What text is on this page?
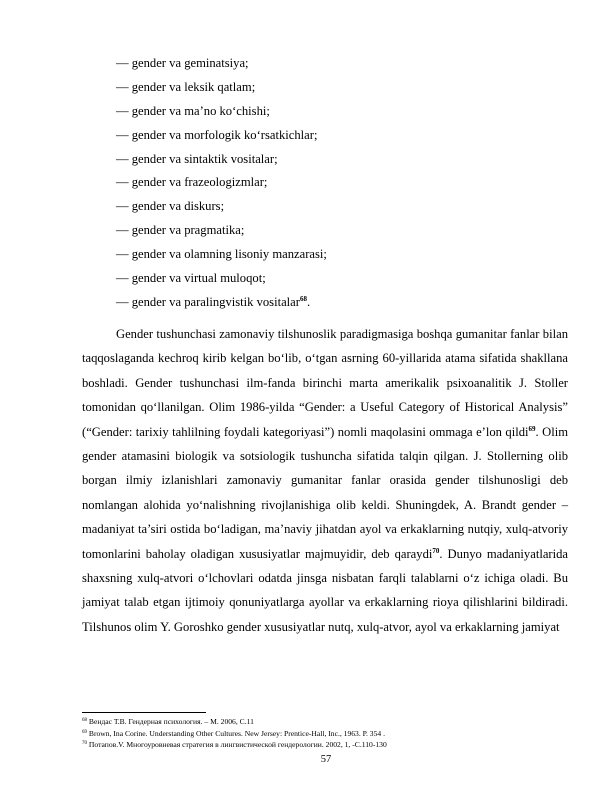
— gender va geminatsiya;
— gender va leksik qatlam;
— gender va ma’no ko‘chishi;
— gender va morfologik ko‘rsatkichlar;
— gender va sintaktik vositalar;
— gender va frazeologizmlar;
— gender va diskurs;
— gender va pragmatika;
— gender va olamning lisoniy manzarasi;
— gender va virtual muloqot;
— gender va paralingvistik vositalar$^{68}$.

Gender tushunchasi zamonaviy tilshunoslik paradigmasiga boshqa gumanitar fanlar bilan taqqoslaganda kechroq kirib kelgan bo‘lib, o‘tgan asrning 60-yillarida atama sifatida shakllana boshladi. Gender tushunchasi ilm-fanda birinchi marta amerikalik psixoanalitik J. Stoller tomonidan qo‘llanilgan. Olim 1986-yilda “Gender: a Useful Category of Historical Analysis” (“Gender: tarixiy tahlilning foydali kategoriyasi”) nomli maqolasini ommaga e’lon qildi$^{69}$. Olim gender atamasini biologik va sotsiologik tushuncha sifatida talqin qilgan. J. Stollerning olib borgan ilmiy izlanishlari zamonaviy gumanitar fanlar orasida gender tilshunosligi deb nomlangan alohida yo‘nalishning rivojlanishiga olib keldi. Shuningdek, A. Brandt gender – madaniyat ta’siri ostida bo‘ladigan, ma’naviy jihatdan ayol va erkaklarning nutqiy, xulq-atvoriy tomonlarini baholay oladigan xususiyatlar majmuyidir, deb qaraydi$^{70}$. Dunyo madaniyatlarida shaxsning xulq-atvori o‘lchovlari odatda jinsga nisbatan farqli talablarni o‘z ichiga oladi. Bu jamiyat talab etgan ijtimoiy qonuniyatlarga ayollar va erkaklarning rioya qilishlarini bildiradi. Tilshunos olim Y. Goroshko gender xususiyatlar nutq, xulq-atvor, ayol va erkaklarning jamiyat

$^{68}$ Вендас Т.В. Гендерная психология. – М. 2006, С.11
$^{69}$ Brown, Ina Corine. Understanding Other Cultures. New Jersey: Prentice-Hall, Inc., 1963. P. 354 .
$^{70}$ Потапов.V. Многоуровневая стратегия в лингвистической гендерологии. 2002, 1, -С.110-130
57
